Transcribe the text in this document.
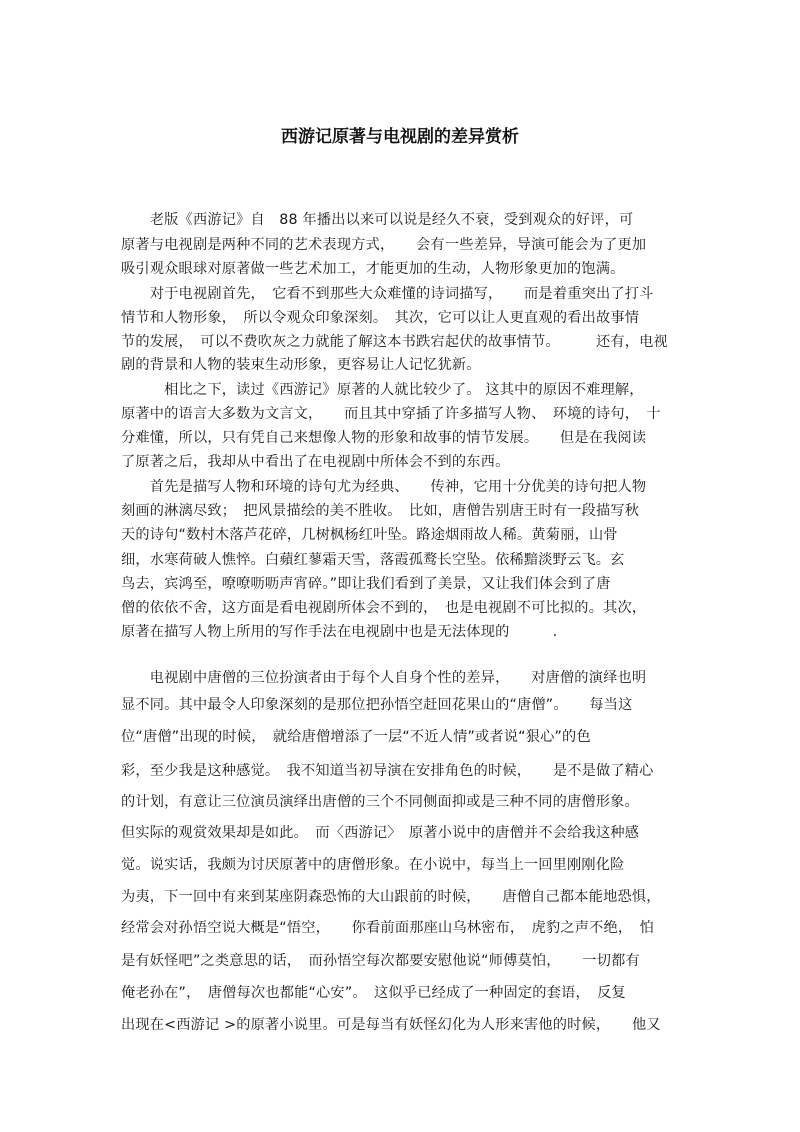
西游记原著与电视剧的差异赏析
　　老版《西游记》自　88 年播出以来可以说是经久不衰，受到观众的好评，可
原著与电视剧是两种不同的艺术表现方式，　　会有一些差异，导演可能会为了更加
吸引观众眼球对原著做一些艺术加工，才能更加的生动，人物形象更加的饱满。
　　对于电视剧首先，　它看不到那些大众难懂的诗词描写，　　而是着重突出了打斗
情节和人物形象，　所以令观众印象深刻。　其次，它可以让人更直观的看出故事情
节的发展，　可以不费吹灰之力就能了解这本书跌宕起伏的故事情节。　　　还有，电视
剧的背景和人物的装束生动形象，更容易让人记忆犹新。
　　　相比之下，读过《西游记》原著的人就比较少了。 这其中的原因不难理解，
原著中的语言大多数为文言文，　　而且其中穿插了许多描写人物、　环境的诗句，　十
分难懂，所以，只有凭自己来想像人物的形象和故事的情节发展。　　但是在我阅读
了原著之后，我却从中看出了在电视剧中所体会不到的东西。
　　首先是描写人物和环境的诗句尤为经典、　　传神，它用十分优美的诗句把人物
刻画的淋漓尽致；　把风景描绘的美不胜收。　比如，唐僧告别唐王时有一段描写秋
天的诗句“数村木落芦花碎，几树枫杨红叶坠。路途烟雨故人稀。黄菊丽，山骨
细，水寒荷破人憔悴。白蘋红蓼霜天雪，落霞孤鹜长空坠。依稀黯淡野云飞。玄
鸟去，宾鸿至，嘹嘹呖呖声宵碎。”即让我们看到了美景，又让我们体会到了唐
僧的依依不舍，这方面是看电视剧所体会不到的，　也是电视剧不可比拟的。其次，
原著在描写人物上所用的写作手法在电视剧中也是无法体现的　　　.
　　电视剧中唐僧的三位扮演者由于每个人自身个性的差异，　　对唐僧的演绎也明
显不同。其中最令人印象深刻的是那位把孙悟空赶回花果山的“唐僧”。　　每当这
位“唐僧”出现的时候，　就给唐僧增添了一层“不近人情”或者说“狠心”的色
彩，至少我是这种感觉。　我不知道当初导演在安排角色的时候，　　是不是做了精心
的计划，有意让三位演员演绎出唐僧的三个不同侧面抑或是三种不同的唐僧形象。
但实际的观赏效果却是如此。　而〈西游记〉　原著小说中的唐僧并不会给我这种感
觉。说实话，我颇为讨厌原著中的唐僧形象。在小说中，每当上一回里刚刚化险
为夷，下一回中有来到某座阴森恐怖的大山跟前的时候，　　唐僧自己都本能地恐惧，
经常会对孙悟空说大概是“悟空，　　你看前面那座山乌林密布，　虎豹之声不绝，　怕
是有妖怪吧”之类意思的话，　而孙悟空每次都要安慰他说“师傅莫怕，　　一切都有
俺老孙在”，　唐僧每次也都能“心安”。　这似乎已经成了一种固定的套语，　反复
出现在<西游记 >的原著小说里。可是每当有妖怪幻化为人形来害他的时候，　　他又
